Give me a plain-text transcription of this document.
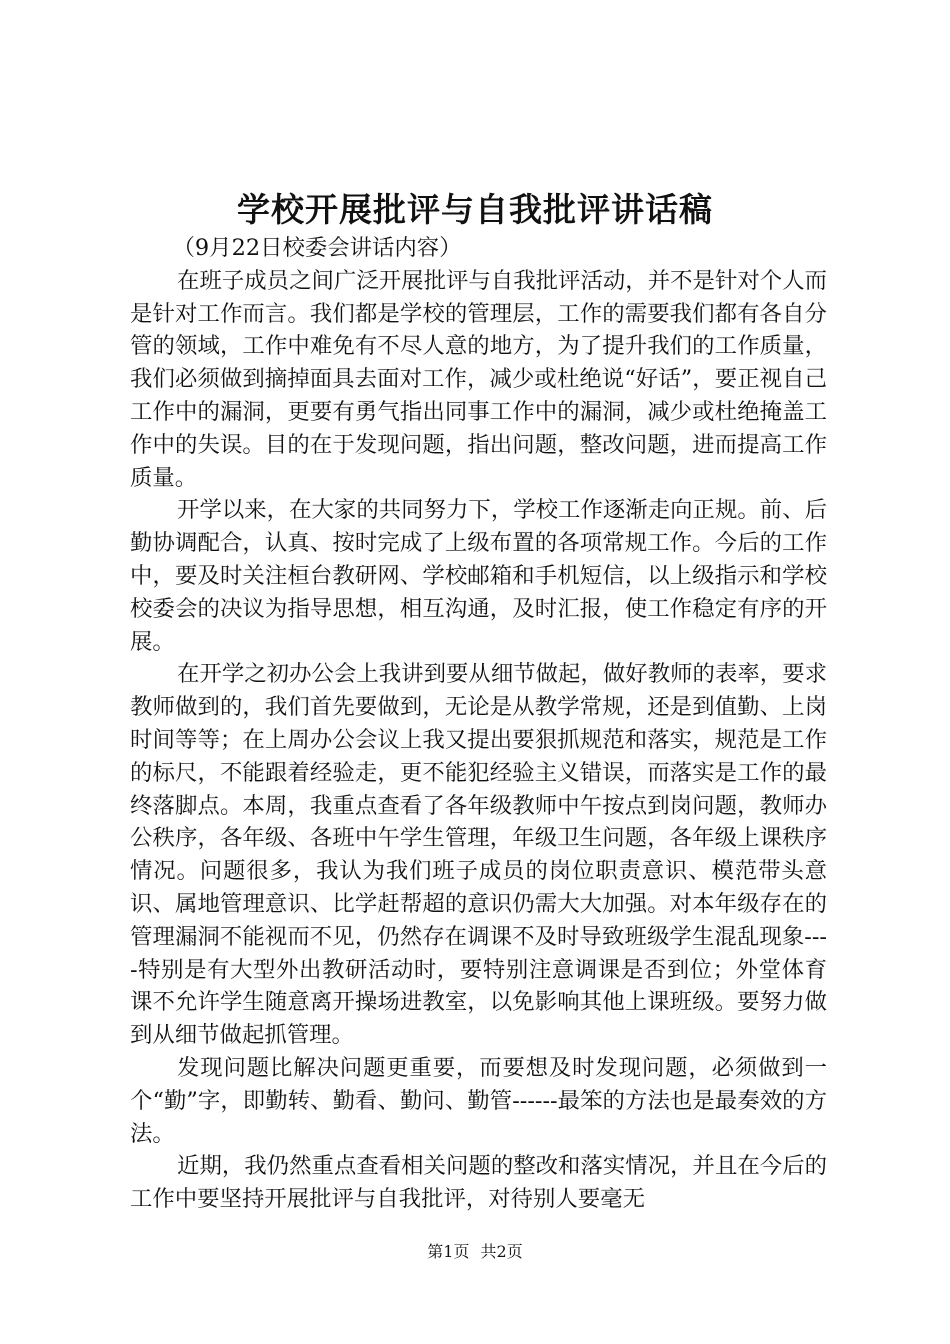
学校开展批评与自我批评讲话稿

（9月22日校委会讲话内容）

在班子成员之间广泛开展批评与自我批评活动，并不是针对个人而是针对工作而言。我们都是学校的管理层，工作的需要我们都有各自分管的领域，工作中难免有不尽人意的地方，为了提升我们的工作质量，我们必须做到摘掉面具去面对工作，减少或杜绝说“好话”，要正视自己工作中的漏洞，更要有勇气指出同事工作中的漏洞，减少或杜绝掩盖工作中的失误。目的在于发现问题，指出问题，整改问题，进而提高工作质量。

开学以来，在大家的共同努力下，学校工作逐渐走向正规。前、后勤协调配合，认真、按时完成了上级布置的各项常规工作。今后的工作中，要及时关注桓台教研网、学校邮箱和手机短信，以上级指示和学校校委会的决议为指导思想，相互沟通，及时汇报，使工作稳定有序的开展。

在开学之初办公会上我讲到要从细节做起，做好教师的表率，要求教师做到的，我们首先要做到，无论是从教学常规，还是到值勤、上岗时间等等；在上周办公会议上我又提出要狠抓规范和落实，规范是工作的标尺，不能跟着经验走，更不能犯经验主义错误，而落实是工作的最终落脚点。本周，我重点查看了各年级教师中午按点到岗问题，教师办公秩序，各年级、各班中午学生管理，年级卫生问题，各年级上课秩序情况。问题很多，我认为我们班子成员的岗位职责意识、模范带头意识、属地管理意识、比学赶帮超的意识仍需大大加强。对本年级存在的管理漏洞不能视而不见，仍然存在调课不及时导致班级学生混乱现象----特别是有大型外出教研活动时，要特别注意调课是否到位；外堂体育课不允许学生随意离开操场进教室，以免影响其他上课班级。要努力做到从细节做起抓管理。

发现问题比解决问题更重要，而要想及时发现问题，必须做到一个“勤”字，即勤转、勤看、勤问、勤管------最笨的方法也是最奏效的方法。

近期，我仍然重点查看相关问题的整改和落实情况，并且在今后的工作中要坚持开展批评与自我批评，对待别人要毫无

第1页 共2页
